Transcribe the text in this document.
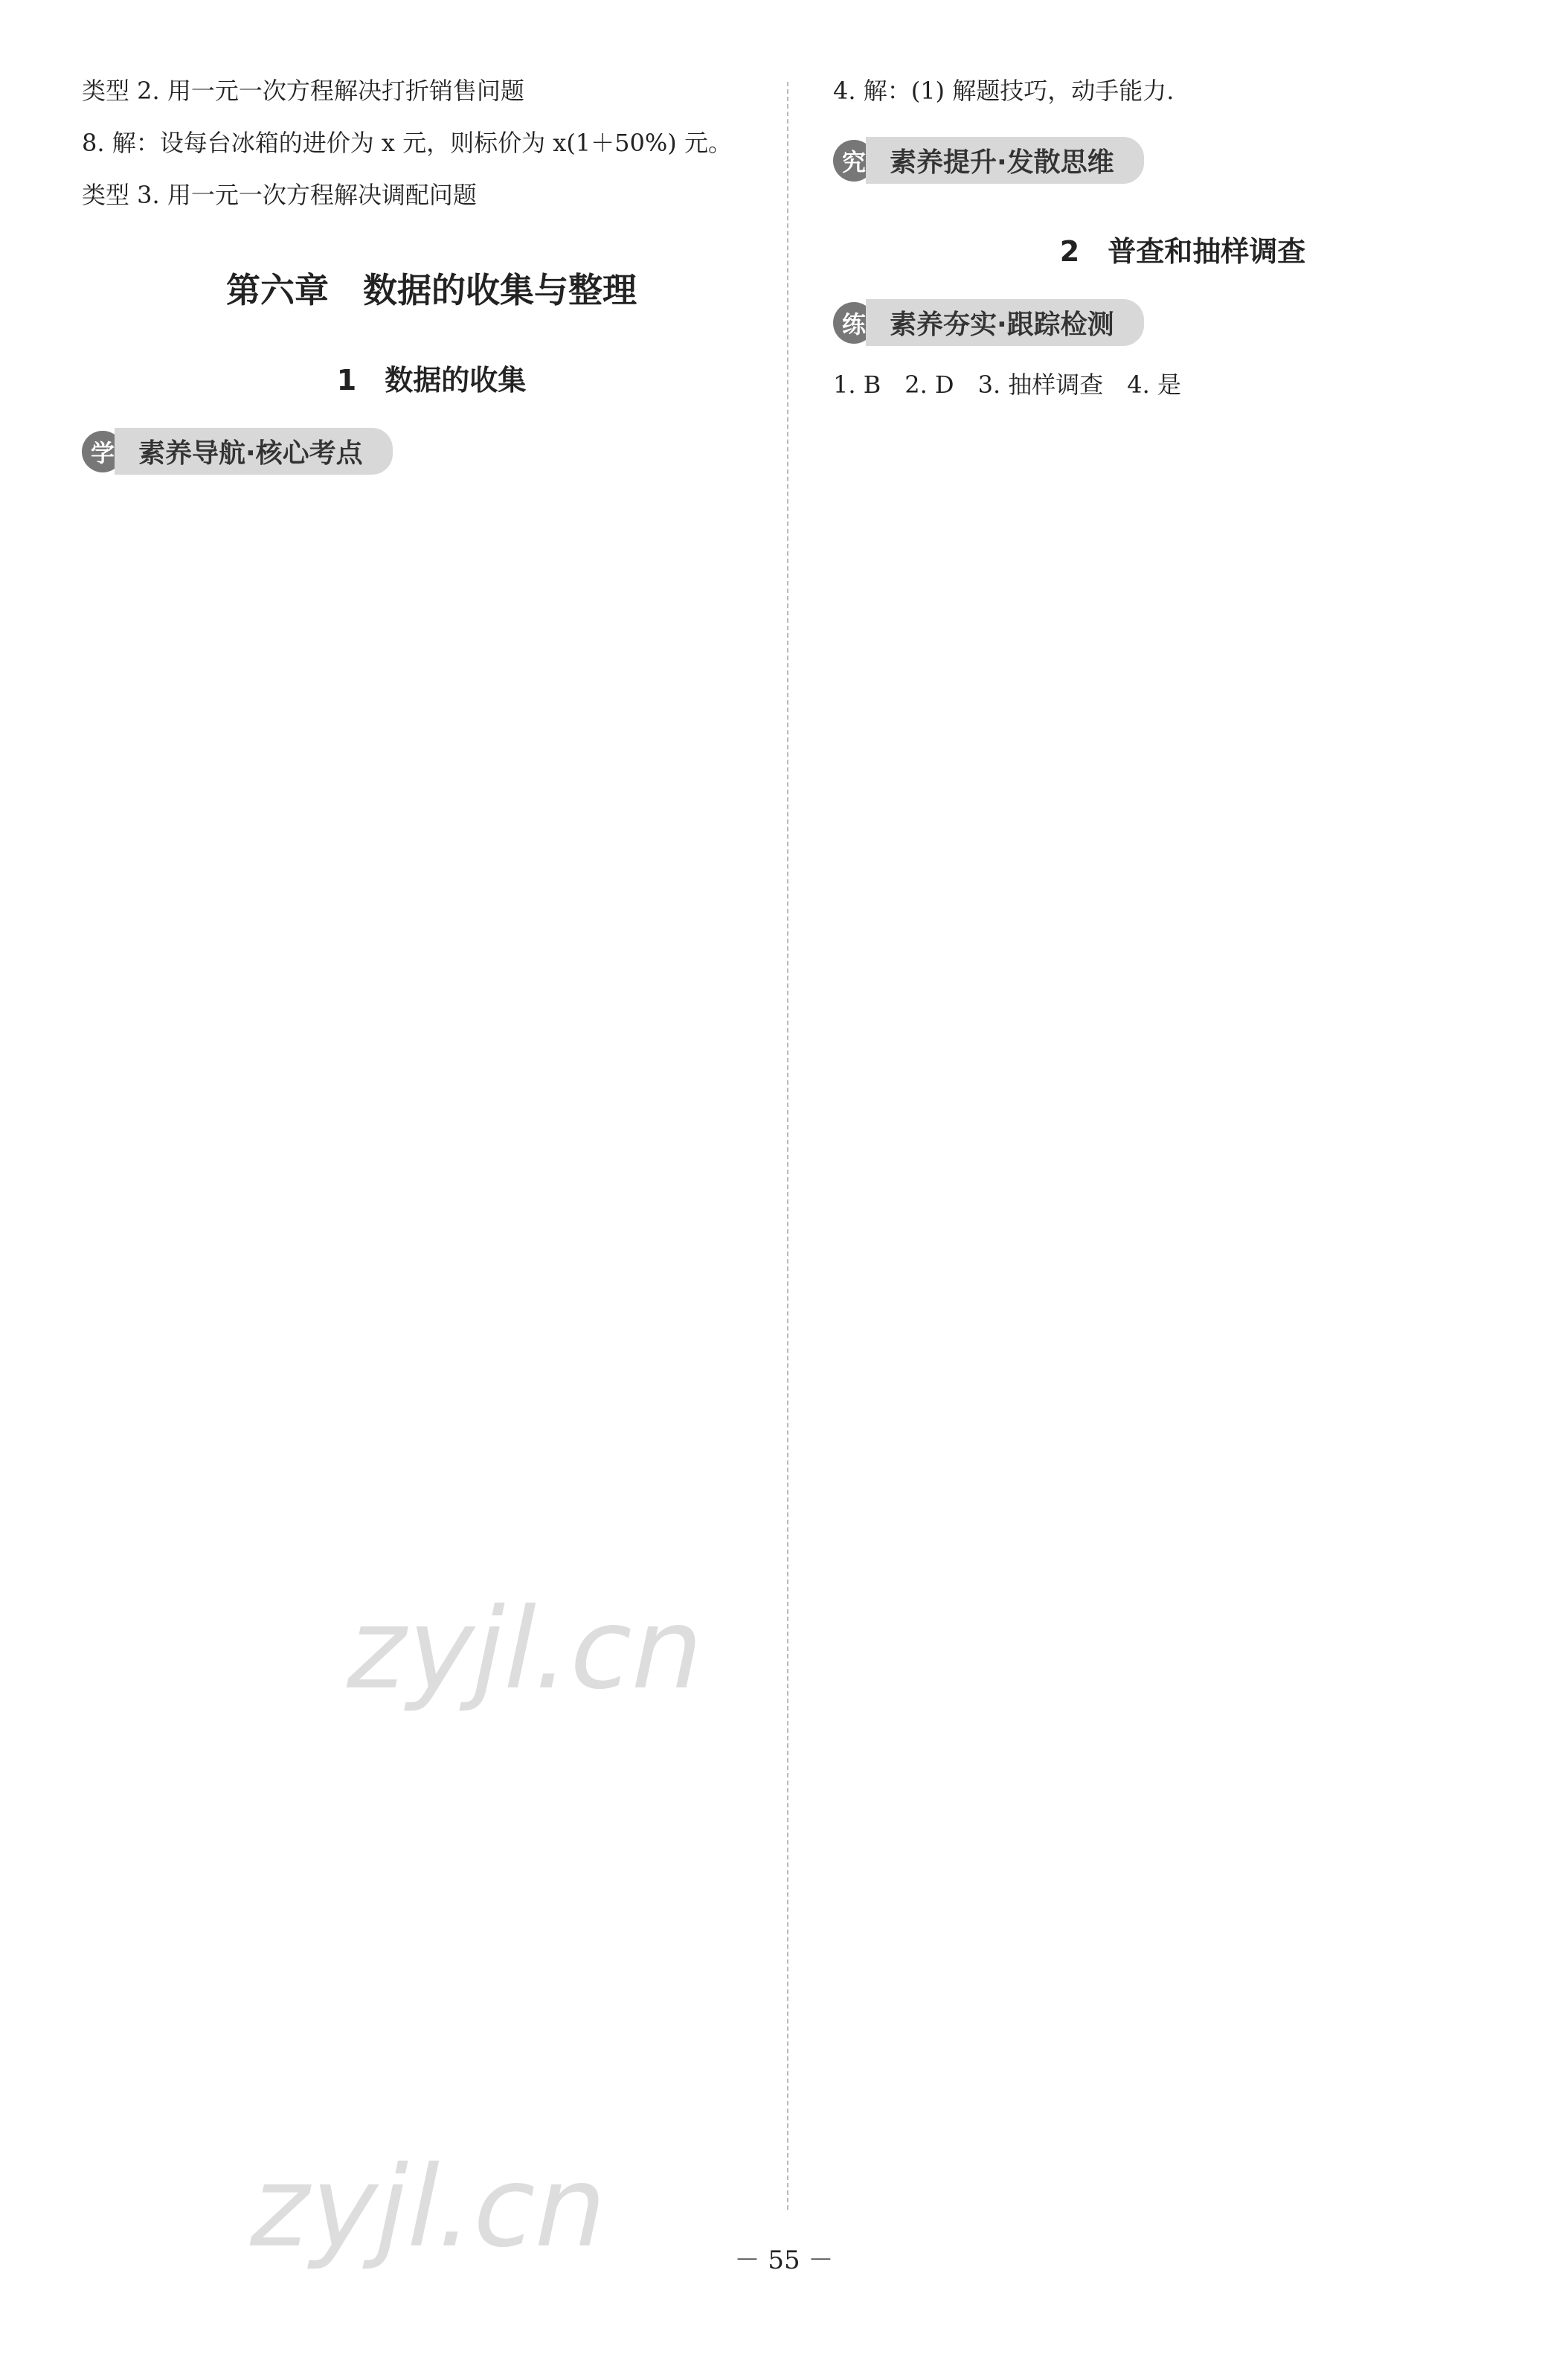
类型 2. 用一元一次方程解决打折销售问题
8. 解：设每台冰箱的进价为 x 元，则标价为 x(1＋50%) 元。
类型 3. 用一元一次方程解决调配问题
第六章　数据的收集与整理
1　数据的收集
学 素养导航·核心考点
4. 解：(1) 解题技巧，动手能力.
究 素养提升·发散思维
2　普查和抽样调查
练 素养夯实·跟踪检测
1. B　2. D　3. 抽样调查　4. 是
－ 55 －
zyjl.cn
zyjl.cn
